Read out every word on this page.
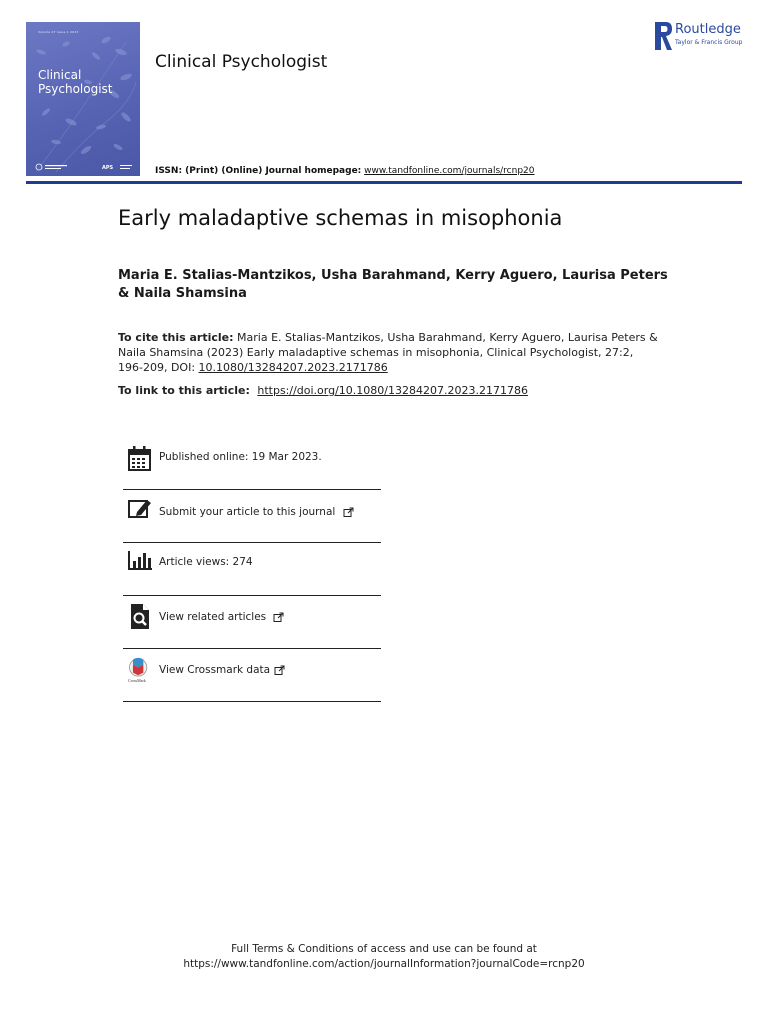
Volume 27 Issue 1 2023
Clinical
Psychologist
APS
Clinical Psychologist
Routledge
Taylor & Francis Group
ISSN: (Print) (Online) Journal homepage: www.tandfonline.com/journals/rcnp20
Early maladaptive schemas in misophonia
Maria E. Stalias-Mantzikos, Usha Barahmand, Kerry Aguero, Laurisa Peters & Naila Shamsina
To cite this article: Maria E. Stalias-Mantzikos, Usha Barahmand, Kerry Aguero, Laurisa Peters & Naila Shamsina (2023) Early maladaptive schemas in misophonia, Clinical Psychologist, 27:2, 196-209, DOI: 10.1080/13284207.2023.2171786
To link to this article: https://doi.org/10.1080/13284207.2023.2171786
Published online: 19 Mar 2023.
Submit your article to this journal
Article views: 274
View related articles
CrossMark
View Crossmark data
Full Terms & Conditions of access and use can be found at
https://www.tandfonline.com/action/journalInformation?journalCode=rcnp20
